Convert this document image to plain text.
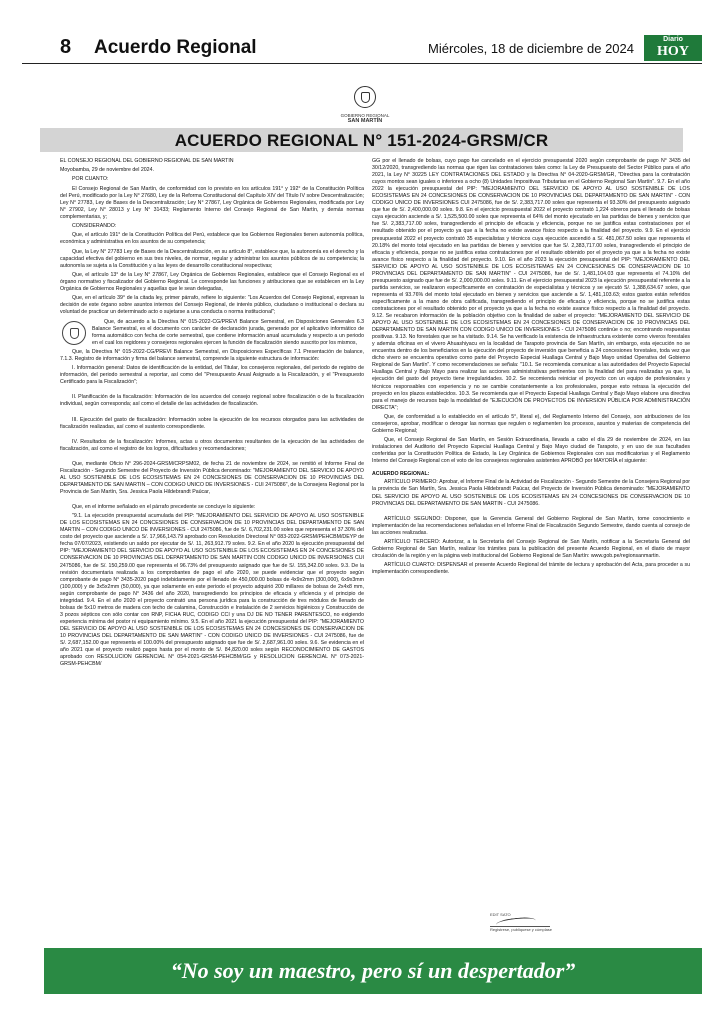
8 Acuerdo Regional	Miércoles, 18 de diciembre de 2024
Diario
HOY
GOBIERNO REGIONAL
SAN MARTÍN
ACUERDO REGIONAL N° 151-2024-GRSM/CR

EL CONSEJO REGIONAL DEL GOBIERNO REGIONAL DE SAN MARTÍN

Moyobamba, 29 de noviembre del 2024.

POR CUANTO:

El Consejo Regional de San Martín, de conformidad con lo previsto en los artículos 191° y 192° de la Constitución Política del Perú, modificado por la Ley N° 27680, Ley de la Reforma Constitucional del Capítulo XIV del Título IV sobre Descentralización; Ley N° 27783, Ley de Bases de la Descentralización; Ley N° 27867, Ley Orgánica de Gobiernos Regionales, modificada por Ley N° 27902, Ley N° 28013 y Ley N° 31433; Reglamento Interno del Consejo Regional de San Martín, y demás normas complementarias, y;

CONSIDERANDO:

Que, el artículo 191° de la Constitución Política del Perú, establece que los Gobiernos Regionales tienen autonomía política, económica y administrativa en los asuntos de su competencia;

Que, la Ley N° 27783 Ley de Bases de la Descentralización, en su artículo 8°, establece que, la autonomía es el derecho y la capacidad efectiva del gobierno en sus tres niveles, de normar, regular y administrar los asuntos públicos de su competencia; la autonomía se sujeta a la Constitución y a las leyes de desarrollo constitucional respectivas;

Que, el artículo 13° de la Ley N° 27867, Ley Orgánica de Gobiernos Regionales, establece que el Consejo Regional es el órgano normativo y fiscalizador del Gobierno Regional. Le corresponde las funciones y atribuciones que se establecen en la Ley Orgánica de Gobiernos Regionales y aquellas que le sean delegadas,

Que, en el artículo 39° de la citada ley, primer párrafo, refiere lo siguiente: "Los Acuerdos del Consejo Regional, expresan la decisión de este órgano sobre asuntos internos del Consejo Regional, de interés público, ciudadano o institucional o declara su voluntad de practicar un determinado acto o sujetarse a una conducta o norma institucional";

Que, de acuerdo a la Directiva N° 015-2022-CG/PREVI Balance Semestral, en Disposiciones Generales 6.3 Balance Semestral, es el documento con carácter de declaración jurada, generado por el aplicativo informático de forma automático con fecha de corte semestral, que contiene información anual acumulada y respecto a un periodo en el cual los regidores y consejeros regionales ejercen la función de fiscalización siendo suscrito por los mismos,

Que, la Directiva N° 015-2022-CG/PREVI Balance Semestral, en Disposiciones Específicas 7.1 Presentación de balance, 7.1.3. Registro de información y firma del balance semestral, comprende la siguiente estructura de información:

I. Información general: Datos de identificación de la entidad, del Titular, los consejeros regionales, del periodo de registro de información, del periodo semestral a reportar, así como del "Presupuesto Anual Asignado a la Fiscalización, y el "Presupuesto Certificado para la Fiscalización";

II. Planificación de la fiscalización: Información de los acuerdos del consejo regional sobre fiscalización o de la fiscalización individual, según corresponda; así como el detalle de las actividades de fiscalización.

III. Ejecución del gasto de fiscalización: Información sobre la ejecución de los recursos otorgados para las actividades de fiscalización realizadas, así como el sustento correspondiente.

IV. Resultados de la fiscalización: Informes, actas u otros documentos resultantes de la ejecución de las actividades de fiscalización, así como el registro de los logros, dificultades y recomendaciones;

Que, mediante Oficio N° 296-2024-GRSM/CRPSM02, de fecha 21 de noviembre de 2024, se remitió el Informe Final de Fiscalización - Segundo Semestre del Proyecto de Inversión Pública denominado: "MEJORAMIENTO DEL SERVICIO DE APOYO AL USO SOSTENIBLE DE LOS ECOSISTEMAS EN 24 CONCESIONES DE CONSERVACION DE 10 PROVINCIAS DEL DEPARTAMENTO DE SAN MARTIN – CON CODIGO UNICO DE INVERSIONES - CUI 2475086", de la Consejera Regional por la Provincia de San Martín, Sra. Jessica Paola Hildebrandt Paúcar,

Que, en el informe señalado en el párrafo precedente se concluye lo siguiente:

"9.1. La ejecución presupuestal acumulada del PIP: "MEJORAMIENTO DEL SERVICIO DE APOYO AL USO SOSTENIBLE DE LOS ECOSISTEMAS EN 24 CONCESIONES DE CONSERVACION DE 10 PROVINCIAS DEL DEPARTAMENTO DE SAN MARTIN – CON CODIGO UNICO DE INVERSIONES - CUI 2475086, fue de S/. 6,702,231.00 soles que representa el 37.30% del costo del proyecto que asciende a S/. 17,966,143.79 aprobado con Resolución Directoral N° 083-2022-GRSM/PEHCBM/DEYP de fecha 07/07/2023, existiendo un saldo por ejecutar de S/. 11, 263,912.79 soles. 9.2. En el año 2020 la ejecución presupuestal del PIP: "MEJORAMIENTO DEL SERVICIO DE APOYO AL USO SOSTENIBLE DE LOS ECOSISTEMAS EN 24 CONCESIONES DE CONSERVACION DE 10 PROVINCIAS DEL DEPARTAMENTO DE SAN MARTIN CON CODIGO UNICO DE INVERSIONES CUI 2475086, fue de S/. 150,259.00 que representa el 96.73% del presupuesto asignado que fue de S/. 155,342.00 soles. 9.3. De la revisión documentaria realizada a los comprobantes de pago el año 2020, se puede evidenciar que el proyecto según comprobante de pago N° 3435-2020 pagó indebidamente por el llenado de 450,000.00 bolsas de 4x9x2mm (300,000), 6x9x3mm (100,000) y de 3x5x2mm (50,000), ya que solamente en este periodo el proyecto adquirió 200 millares de bolsas de 2x4x8 mm, según comprobante de pago N° 3436 del año 2020, transgrediendo los principios de eficacia y eficiencia y el principio de integridad. 9.4. En el año 2020 el proyecto contrató una persona jurídica para la construcción de tres módulos de llenado de bolsas de 5x10 metros de madera con techo de calamina, Construcción e Instalación de 2 servicios higiénicos y Construcción de 3 pozos sépticos con sólo contar con RNP, FICHA RUC, CODIGO CCI y una DJ DE NO TENER PARENTESCO, no exigiendo experiencia mínima del postor ni equipamiento mínimo. 9.5. En el año 2021 la ejecución presupuestal del PIP: "MEJORAMIENTO DEL SERVICIO DE APOYO AL USO SOSTENIBLE DE LOS ECOSISTEMAS EN 24 CONCESIONES DE CONSERVACION DE 10 PROVINCIAS DEL DEPARTAMENTO DE SAN MARTIN" - CON CODIGO UNICO DE INVERSIONES - CUI 2475086, fue de S/. 2,687,152.00 que representa el 100.00% del presupuesto asignado que fue de S/. 2,687,961.00 soles. 9.6. Se evidencia en el año 2021 que el proyecto realizó pagos hasta por el monto de S/. 84,820.00 soles según RECONOCIMIENTO DE GASTOS aprobado con RESOLUCION GERENCIAL N° 054-2021-GRSM-PEHCBM/GG y RESOLUCION GERENCIAL N° 073-2021-GRSM-PEHCBM/

GG por el llenado de bolsas, cuyo pago fue cancelado en el ejercicio presupuestal 2020 según comprobante de pago N° 3435 del 30/12/2020, transgrediendo las normas que rigen las contrataciones tales como: la Ley de Presupuesto del Sector Público para el año 2021, la Ley N° 30225 LEY CONTRATACIONES DEL ESTADO y la Directiva N° 04-2020-GRSM/GR, "Directiva para la contratación cuyos montos sean iguales o inferiores a ocho (8) Unidades Impositivas Tributarias en el Gobierno Regional San Martín". 9.7. En el año 2022 la ejecución presupuestal del PIP: "MEJORAMIENTO DEL SERVICIO DE APOYO AL USO SOSTENIBLE DE LOS ECOSISTEMAS EN 24 CONCESIONES DE CONSERVACION DE 10 PROVINCIAS DEL DEPARTAMENTO DE SAN MARTIN" - CON CODIGO UNICO DE INVERSIONES CUI 2475086, fue de S/. 2,383,717.00 soles que representa el 93.30% del presupuesto asignado que fue de S/. 2,400,000.00 soles. 9.8. En el ejercicio presupuestal 2022 el proyecto contrató 1,224 obreros para el llenado de bolsas cuya ejecución asciende a S/. 1,525,500.00 soles que representa el 64% del monto ejecutado en las partidas de bienes y servicios que fue S/. 2,383,717.00 soles, transgrediendo el principio de eficacia y eficiencia, porque no se justifica estas contrataciones por el resultado obtenido por el proyecto ya que a la fecha no existe avance físico respecto a la finalidad del proyecto. 9.9. En el ejercicio presupuestal 2022 el proyecto contrató 35 especialistas y técnicos cuya ejecución ascendió a S/. 481,067.50 soles que representa el 20.18% del monto total ejecutado en las partidas de bienes y servicios que fue S/. 2,383,717.00 soles, transgrediendo el principio de eficacia y eficiencia, porque no se justifica estas contrataciones por el resultado obtenido por el proyecto ya que a la fecha no existe avance físico respecto a la finalidad del proyecto. 9.10. En el año 2023 la ejecución presupuestal del PIP: "MEJORAMIENTO DEL SERVICIO DE APOYO AL USO SOSTENIBLE DE LOS ECOSISTEMAS EN 24 CONCESIONES DE CONSERVACION DE 10 PROVINCIAS DEL DEPARTAMENTO DE SAN MARTIN" - CUI 2475086, fue de S/. 1,481,104.03 que representa el 74.10% del presupuesto asignado que fue de S/. 2,000,000.00 soles. 9.11. En el ejercicio presupuestal 2023 la ejecución presupuestal referente a la partida servicios, se realizaron específicamente en contratación de especialistas y técnicos y se ejecutó S/. 1,388,634.67 soles, que representa el 93.76% del monto total ejecutado en bienes y servicios que asciende a S/. 1,481,103.63; estos gastos están referidos específicamente a la mano de obra calificada, transgrediendo el principio de eficacia y eficiencia, porque no se justifica estas contrataciones por el resultado obtenido por el proyecto ya que a la fecha no existe avance físico respecto a la finalidad del proyecto. 9.12. Se recabaron información de la población objetivo con la finalidad de saber el proyecto: "MEJORAMIENTO DEL SERVICIO DE APOYO AL USO SOSTENIBLE DE LOS ECOSISTEMAS EN 24 CONCESIONES DE CONSERVACION DE 10 PROVINCIAS DEL DEPARTAMENTO DE SAN MARTIN CON CODIGO UNICO DE INVERSIONES - CUI 2475086 continúe o no; encontrando respuestas positivas. 9.13. No forestales que se ha visitado. 9.14. Se ha verificado la existencia de infraestructura existente como viveros forestales y además oficinas en el vivero Ahuashiyacu en la localidad de Tarapoto provincia de San Martín, sin embargo, esta ejecución no se encuentra dentro de los beneficiarios en la ejecución del proyecto de inversión que beneficia a 24 concesiones forestales, toda vez que dicho vivero se encuentra operativo como parte del Proyecto Especial Huallaga Central y Bajo Mayo unidad Operativa del Gobierno Regional de San Martín". Y como recomendaciones se señala: "10.1. Se recomienda comunicar a las autoridades del Proyecto Especial Huallaga Central y Bajo Mayo para realizar las acciones administrativas pertinentes con la finalidad del para realizadas ya que, la ejecución del gasto del proyecto tiene irregularidades. 10.2. Se recomienda reiniciar el proyecto con un equipo de profesionales y técnicos responsables con experiencia y no se cambie constantemente a los profesionales, porque esto retrasa la ejecución del proyecto en los plazos establecidos. 10.3. Se recomienda que el Proyecto Especial Huallaga Central y Bajo Mayo elabore una directiva para el manejo de recursos bajo la modalidad de "EJECUCIÓN DE PROYECTOS DE INVERSION PÚBLICA POR ADMINISTRACIÓN DIRECTA";

Que, de conformidad a lo establecido en el artículo 5°, literal e), del Reglamento Interno del Consejo, son atribuciones de los consejeros, aprobar, modificar o derogar las normas que regulen o reglamenten los procesos, asuntos y materias de competencia del Gobierno Regional;

Que, el Consejo Regional de San Martín, en Sesión Extraordinaria, llevada a cabo el día 29 de noviembre de 2024, en las instalaciones del Auditorio del Proyecto Especial Huallaga Central y Bajo Mayo ciudad de Tarapoto, y en uso de sus facultades conferidas por la Constitución Política de Estado, la Ley Orgánica de Gobiernos Regionales con sus modificatorias y el Reglamento Interno del Consejo Regional con el voto de los consejeros regionales asistentes APROBÓ por MAYORÍA el siguiente:

ACUERDO REGIONAL:

ARTÍCULO PRIMERO: Aprobar, el Informe Final de la Actividad de Fiscalización - Segundo Semestre de la Consejera Regional por la provincia de San Martín, Sra. Jessica Paola Hildebrandt Paúcar, del Proyecto de Inversión Pública denominado: "MEJORAMIENTO DEL SERVICIO DE APOYO AL USO SOSTENIBLE DE LOS ECOSISTEMAS EN 24 CONCESIONES DE CONSERVACION DE 10 PROVINCIAS DEL DEPARTAMENTO DE SAN MARTIN - CUI 2475086.

ARTÍCULO SEGUNDO: Disponer, que la Gerencia General del Gobierno Regional de San Martín, tome conocimiento e implementación de las recomendaciones señaladas en el Informe Final de Fiscalización Segundo Semestre, dando cuenta al consejo de las acciones realizadas.

ARTÍCULO TERCERO: Autorizar, a la Secretaría del Consejo Regional de San Martín, notificar a la Secretaría General del Gobierno Regional de San Martín, realizar los trámites para la publicación del presente Acuerdo Regional, en el diario de mayor circulación de la región y en la página web institucional del Gobierno Regional de San Martín: www.gob.pe/regionsanmartin.

ARTÍCULO CUARTO: DISPENSAR el presente Acuerdo Regional del trámite de lectura y aprobación del Acta, para proceder a su implementación correspondiente.

EDIT SATO
Registrese, publiquese y cúmplase
“No soy un maestro, pero sí un despertador”
